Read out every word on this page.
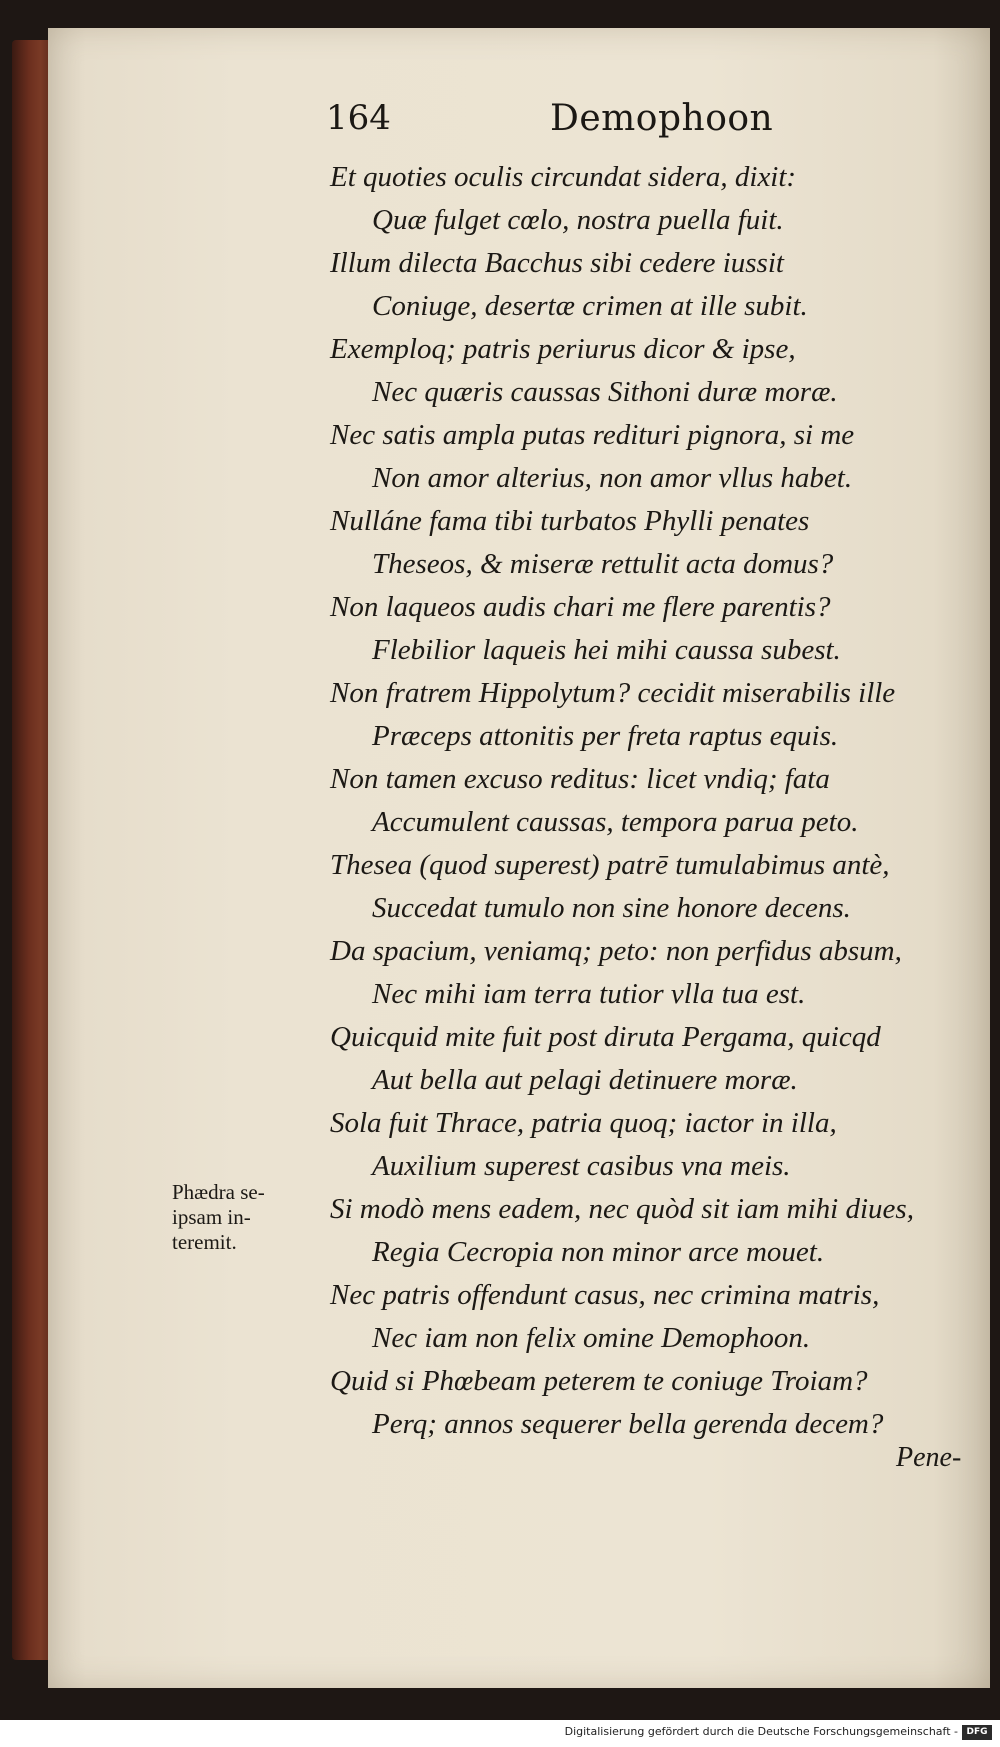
164	Demophoon
Et quoties oculis circundat sidera, dixit:
Quæ fulget cœlo, nostra puella fuit.
Illum dilecta Bacchus sibi cedere iussit
Coniuge, desertæ crimen at ille subit.
Exemploq; patris periurus dicor & ipse,
Nec quæris caussas Sithoni duræ moræ.
Nec satis ampla putas redituri pignora, si me
Non amor alterius, non amor vllus habet.
Nulláne fama tibi turbatos Phylli penates
Theseos, & miseræ rettulit acta domus?
Non laqueos audis chari me flere parentis?
Flebilior laqueis hei mihi caussa subest.
Non fratrem Hippolytum? cecidit miserabilis ille
Præceps attonitis per freta raptus equis.
Non tamen excuso reditus: licet vndiq; fata
Accumulent caussas, tempora parua peto.
Thesea (quod superest) patrē tumulabimus antè,
Succedat tumulo non sine honore decens.
Da spacium, veniamq; peto: non perfidus absum,
Nec mihi iam terra tutior vlla tua est.
Quicquid mite fuit post diruta Pergama, quicqd
Aut bella aut pelagi detinuere moræ.
Sola fuit Thrace, patria quoq; iactor in illa,
Auxilium superest casibus vna meis.
Si modò mens eadem, nec quòd sit iam mihi diues,
Regia Cecropia non minor arce mouet.
Nec patris offendunt casus, nec crimina matris,
Nec iam non felix omine Demophoon.
Quid si Phœbeam peterem te coniuge Troiam?
Perq; annos sequerer bella gerenda decem?
Phædra se-
ipsam in-
teremit.
Pene-
Digitalisierung gefördert durch die Deutsche Forschungsgemeinschaft - DFG
